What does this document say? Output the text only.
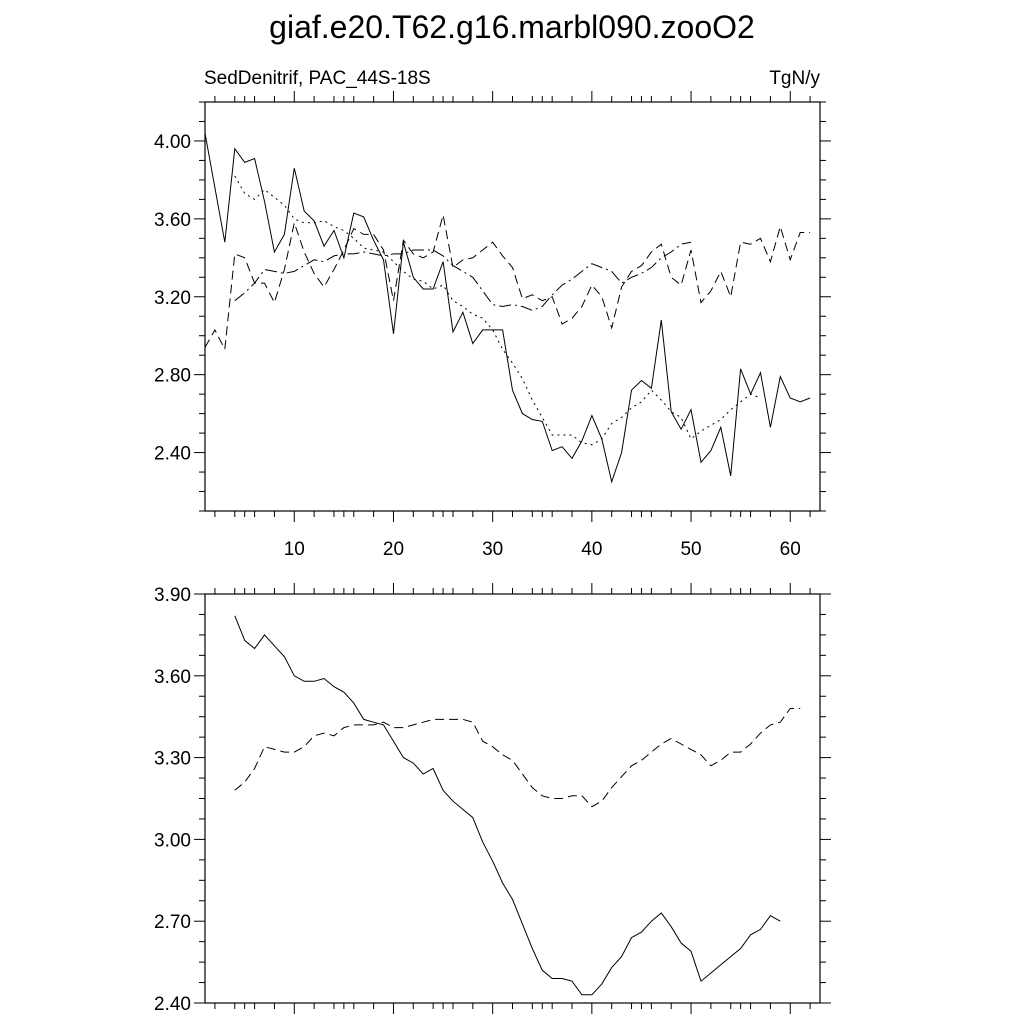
giaf.e20.T62.g16.marbl090.zooO2
SedDenitrif, PAC_44S-18S	TgN/y
2.40
2.80
3.20
3.60
4.00
10	20	30	40	50	60
2.40
2.70
3.00
3.30
3.60
3.90
